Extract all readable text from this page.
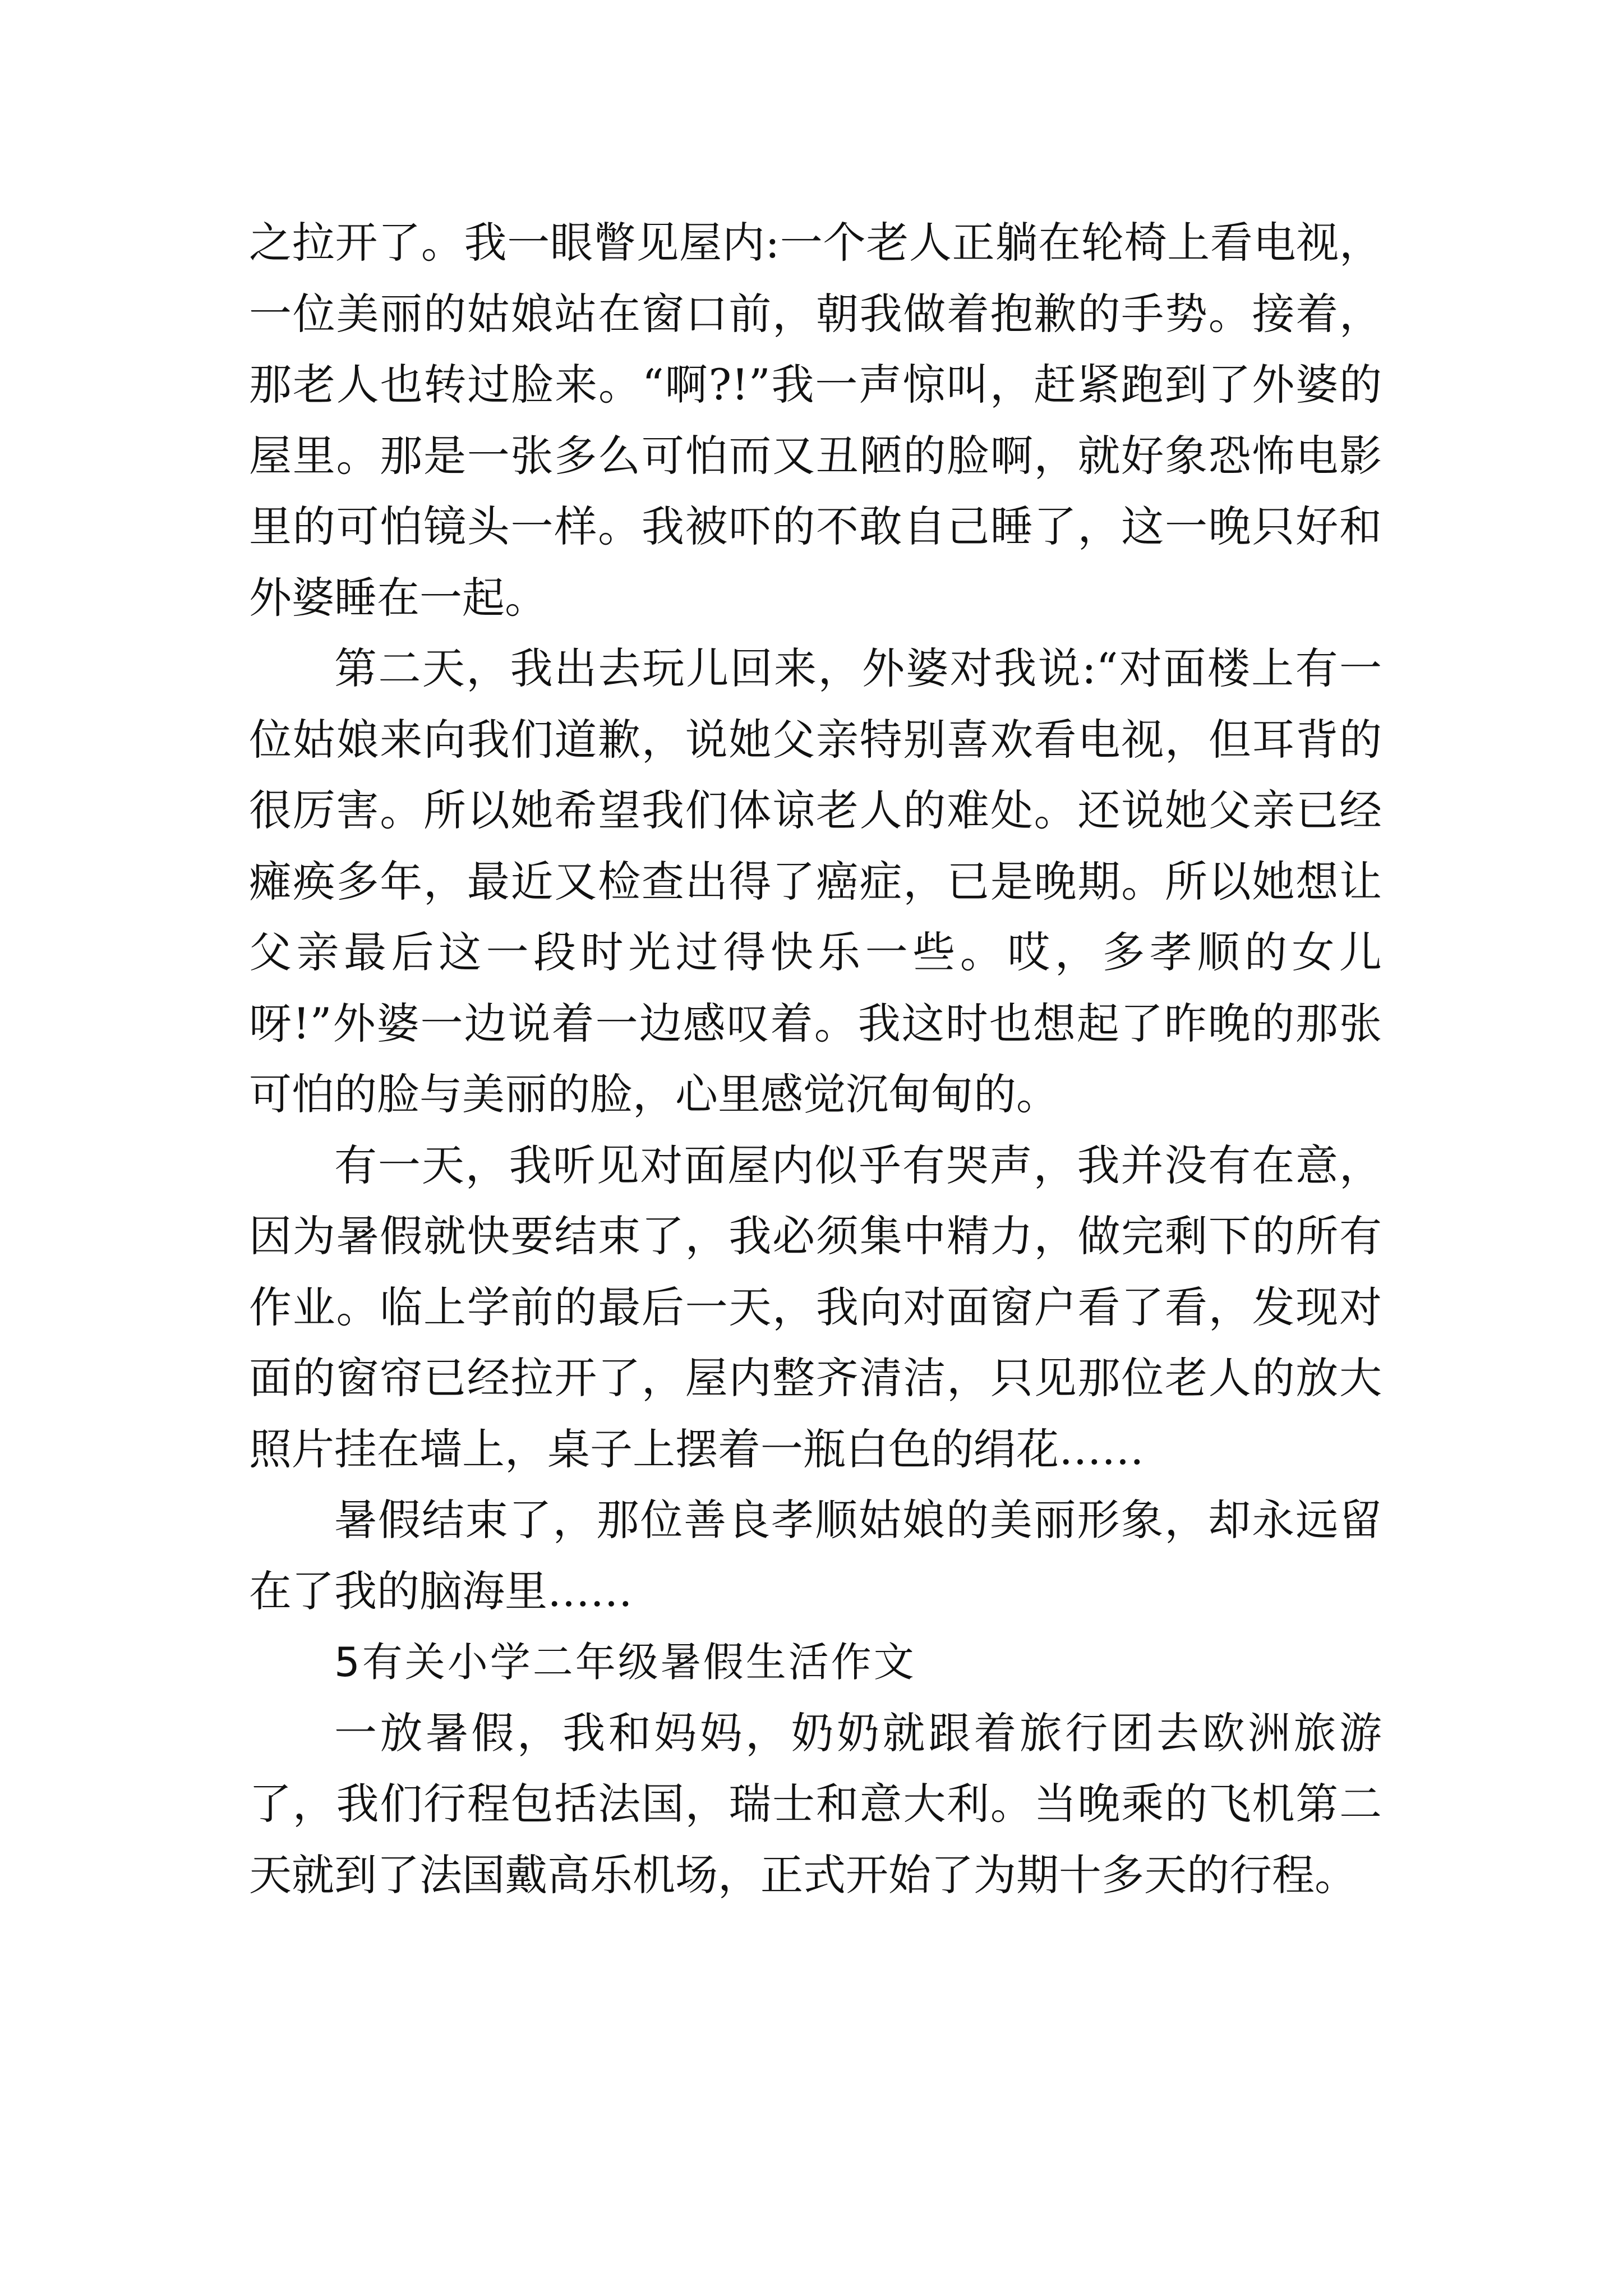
之拉开了。我一眼瞥见屋内:一个老人正躺在轮椅上看电视，一位美丽的姑娘站在窗口前，朝我做着抱歉的手势。接着，那老人也转过脸来。“啊?!”我一声惊叫，赶紧跑到了外婆的屋里。那是一张多么可怕而又丑陋的脸啊，就好象恐怖电影里的可怕镜头一样。我被吓的不敢自己睡了，这一晚只好和外婆睡在一起。

第二天，我出去玩儿回来，外婆对我说:“对面楼上有一位姑娘来向我们道歉，说她父亲特别喜欢看电视，但耳背的很厉害。所以她希望我们体谅老人的难处。还说她父亲已经瘫痪多年，最近又检查出得了癌症，已是晚期。所以她想让父亲最后这一段时光过得快乐一些。哎，多孝顺的女儿呀!”外婆一边说着一边感叹着。我这时也想起了昨晚的那张可怕的脸与美丽的脸，心里感觉沉甸甸的。

有一天，我听见对面屋内似乎有哭声，我并没有在意，因为暑假就快要结束了，我必须集中精力，做完剩下的所有作业。临上学前的最后一天，我向对面窗户看了看，发现对面的窗帘已经拉开了，屋内整齐清洁，只见那位老人的放大照片挂在墙上，桌子上摆着一瓶白色的绢花……

暑假结束了，那位善良孝顺姑娘的美丽形象，却永远留在了我的脑海里……

5有关小学二年级暑假生活作文

一放暑假，我和妈妈，奶奶就跟着旅行团去欧洲旅游了，我们行程包括法国，瑞士和意大利。当晚乘的飞机第二天就到了法国戴高乐机场，正式开始了为期十多天的行程。
